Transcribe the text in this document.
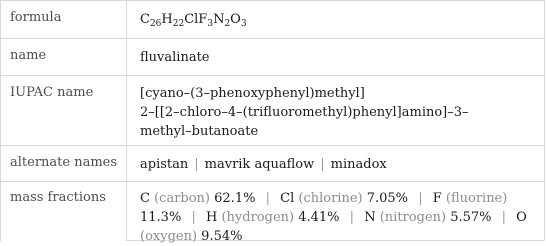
formula	$C_{26}H_{22}ClF_3N_2O_3$
name	fluvalinate
IUPAC name	[cyano–(3–phenoxyphenyl)methyl]
2–[[2–chloro–4–(trifluoromethyl)phenyl]amino]–3–
methyl–butanoate
alternate names	apistan | mavrik aquaflow | minadox
mass fractions	C (carbon) 62.1% | Cl (chlorine) 7.05% | F (fluorine) 11.3% | H (hydrogen) 4.41% | N (nitrogen) 5.57% | O (oxygen) 9.54%
